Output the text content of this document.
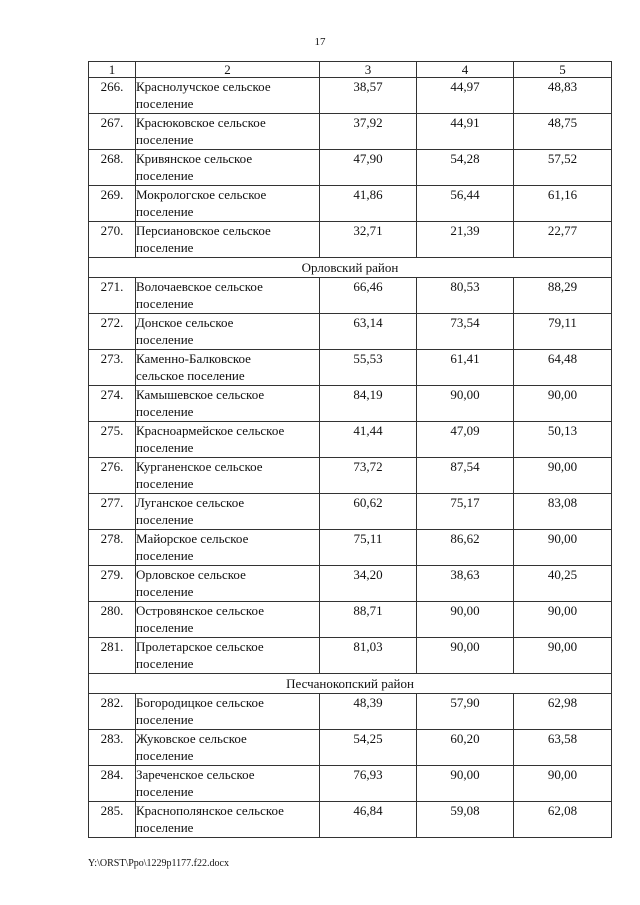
17
1	2	3	4	5
266.	Краснолучское сельское
поселение	38,57	44,97	48,83
267.	Красюковское сельское
поселение	37,92	44,91	48,75
268.	Кривянское сельское
поселение	47,90	54,28	57,52
269.	Мокрологское сельское
поселение	41,86	56,44	61,16
270.	Персиановское сельское
поселение	32,71	21,39	22,77
Орловский район				
271.	Волочаевское сельское
поселение	66,46	80,53	88,29
272.	Донское сельское
поселение	63,14	73,54	79,11
273.	Каменно-Балковское
сельское поселение	55,53	61,41	64,48
274.	Камышевское сельское
поселение	84,19	90,00	90,00
275.	Красноармейское сельское
поселение	41,44	47,09	50,13
276.	Курганенское сельское
поселение	73,72	87,54	90,00
277.	Луганское сельское
поселение	60,62	75,17	83,08
278.	Майорское сельское
поселение	75,11	86,62	90,00
279.	Орловское сельское
поселение	34,20	38,63	40,25
280.	Островянское сельское
поселение	88,71	90,00	90,00
281.	Пролетарское сельское
поселение	81,03	90,00	90,00
Песчанокопский район				
282.	Богородицкое сельское
поселение	48,39	57,90	62,98
283.	Жуковское сельское
поселение	54,25	60,20	63,58
284.	Зареченское сельское
поселение	76,93	90,00	90,00
285.	Краснополянское сельское
поселение	46,84	59,08	62,08
Y:\ORST\Ppo\1229p1177.f22.docx
